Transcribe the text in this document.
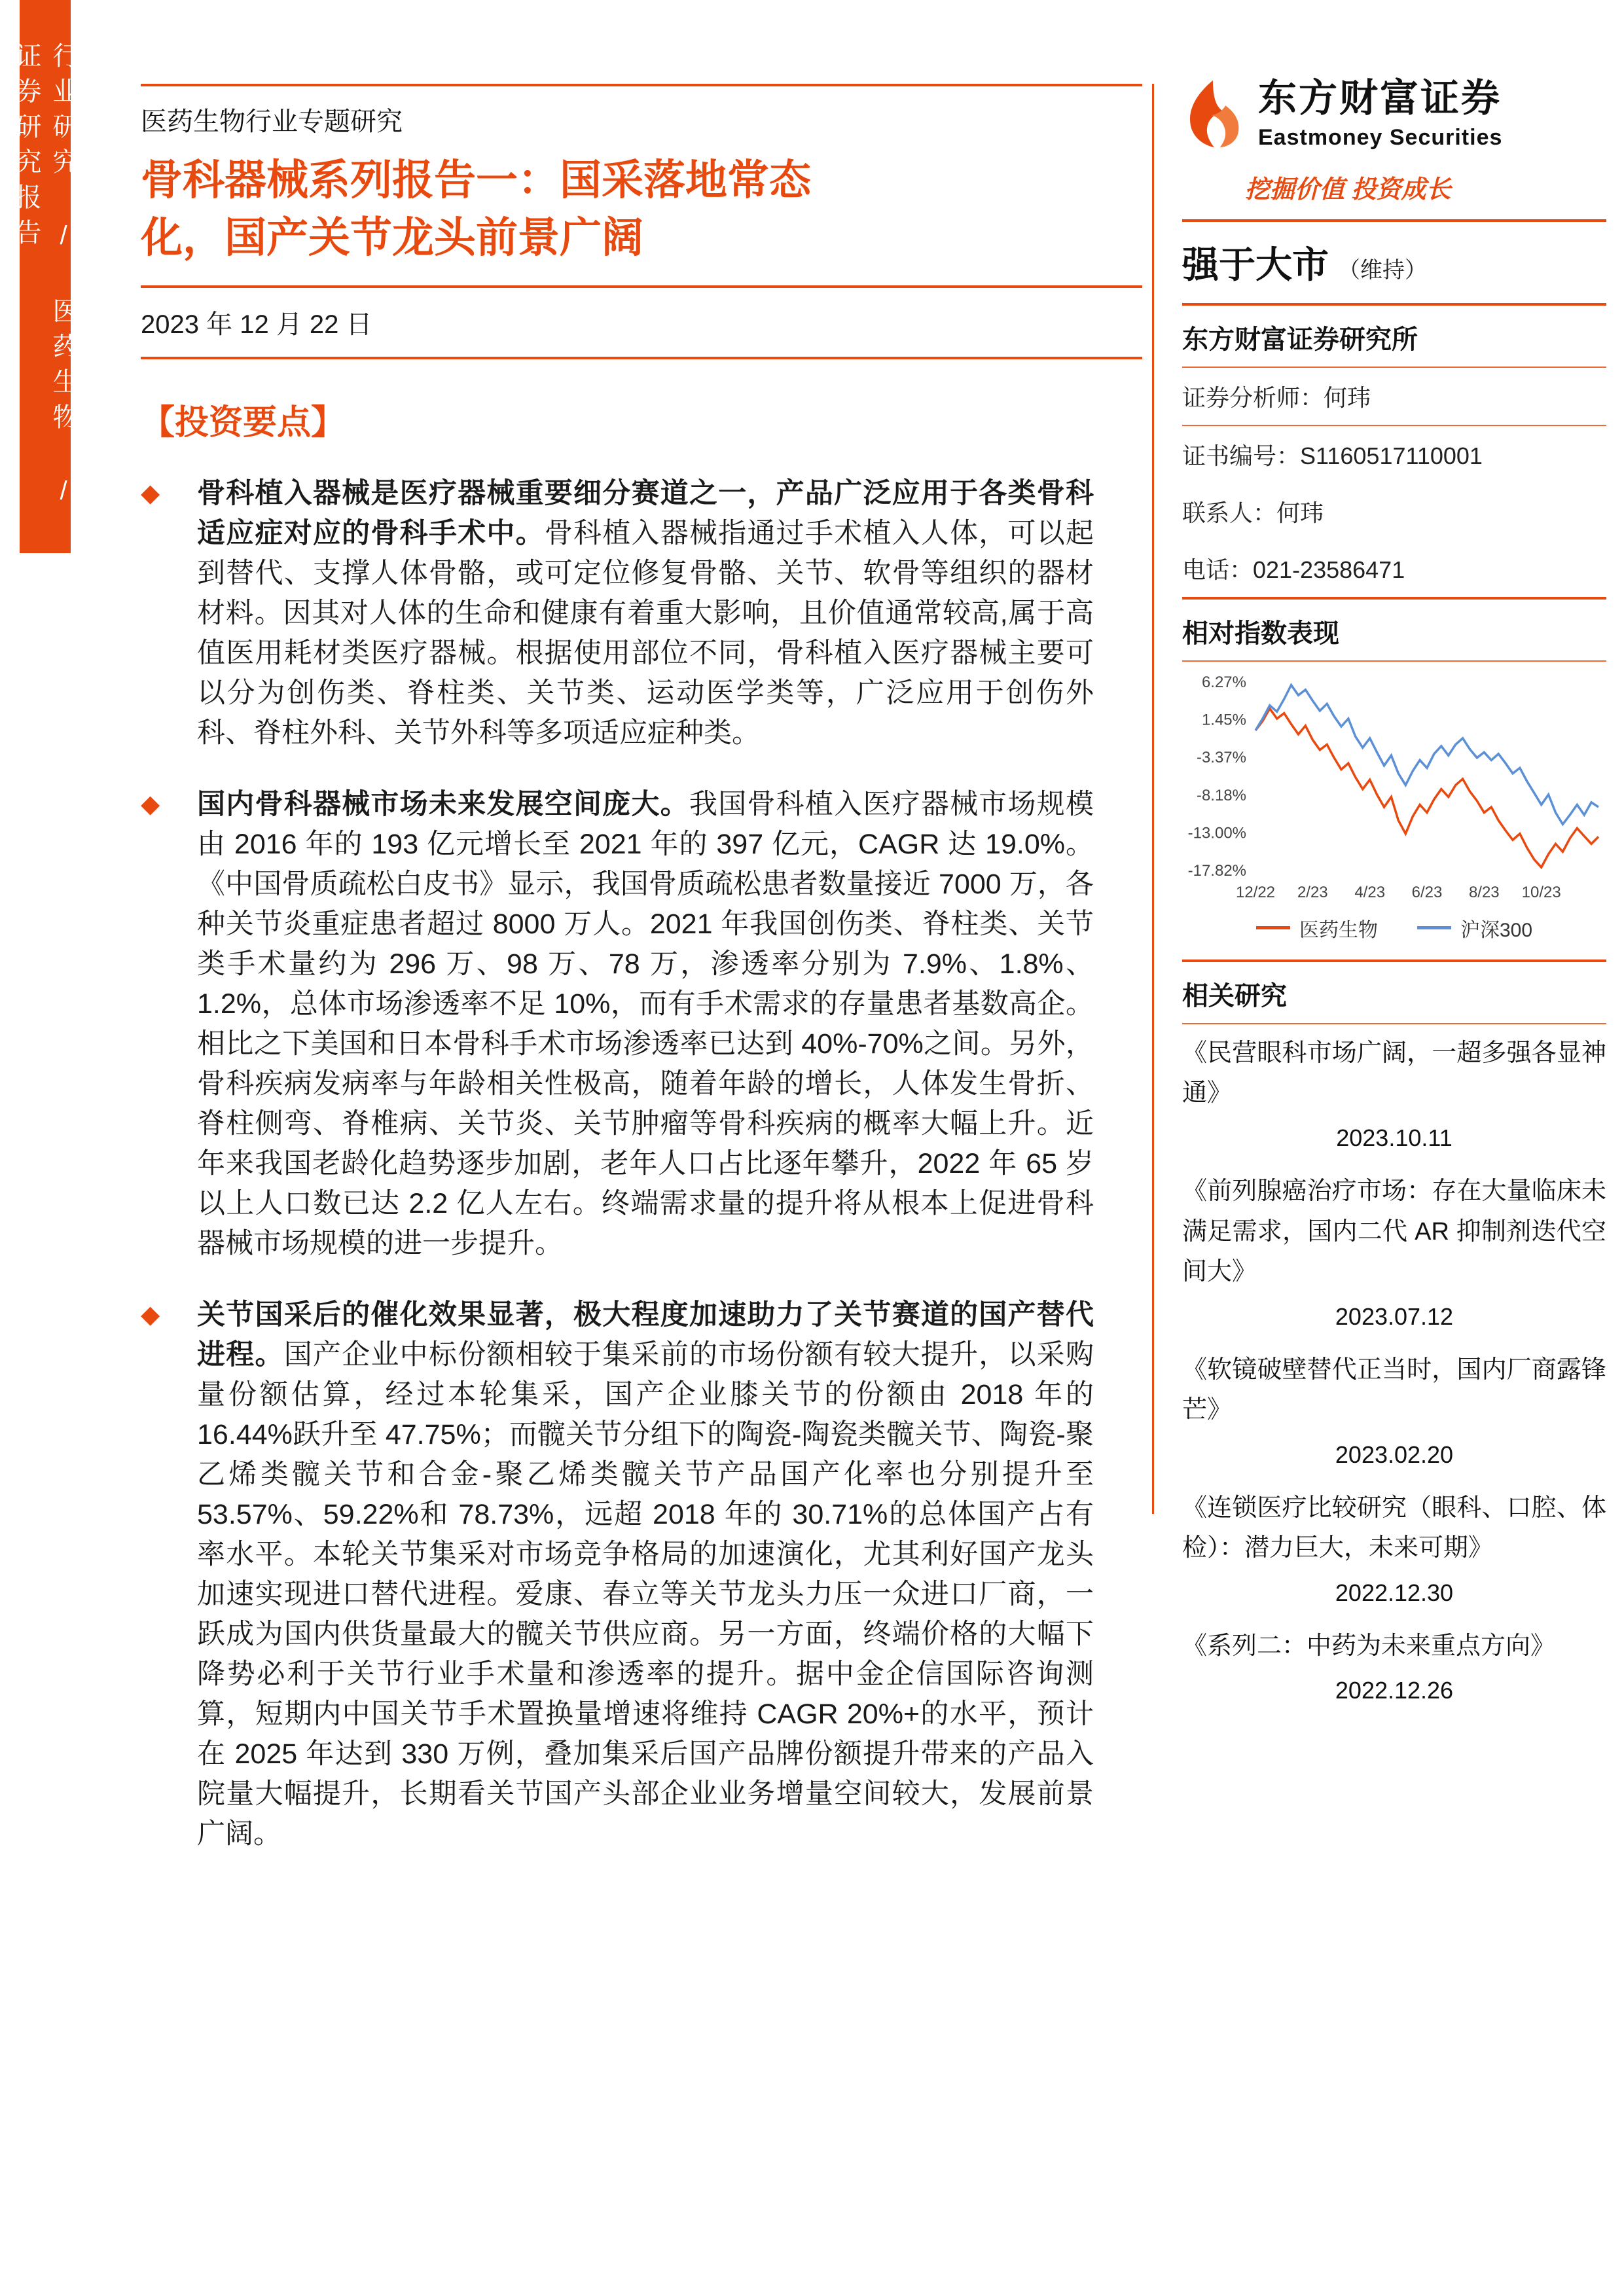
行业研究 / 医药生物 / 证券研究报告	医药生物行业专题研究
骨科器械系列报告一：国采落地常态化，国产关节龙头前景广阔
2023 年 12 月 22 日
【投资要点】
◆	骨科植入器械是医疗器械重要细分赛道之一，产品广泛应用于各类骨科适应症对应的骨科手术中。骨科植入器械指通过手术植入人体，可以起到替代、支撑人体骨骼，或可定位修复骨骼、关节、软骨等组织的器材材料。因其对人体的生命和健康有着重大影响，且价值通常较高,属于高值医用耗材类医疗器械。根据使用部位不同，骨科植入医疗器械主要可以分为创伤类、脊柱类、关节类、运动医学类等，广泛应用于创伤外科、脊柱外科、关节外科等多项适应症种类。

◆	国内骨科器械市场未来发展空间庞大。我国骨科植入医疗器械市场规模由 2016 年的 193 亿元增长至 2021 年的 397 亿元，CAGR 达 19.0%。《中国骨质疏松白皮书》显示，我国骨质疏松患者数量接近 7000 万，各种关节炎重症患者超过 8000 万人。2021 年我国创伤类、脊柱类、关节类手术量约为 296 万、98 万、78 万，渗透率分别为 7.9%、1.8%、1.2%，总体市场渗透率不足 10%，而有手术需求的存量患者基数高企。相比之下美国和日本骨科手术市场渗透率已达到 40%-70%之间。另外，骨科疾病发病率与年龄相关性极高，随着年龄的增长，人体发生骨折、脊柱侧弯、脊椎病、关节炎、关节肿瘤等骨科疾病的概率大幅上升。近年来我国老龄化趋势逐步加剧，老年人口占比逐年攀升，2022 年 65 岁以上人口数已达 2.2 亿人左右。终端需求量的提升将从根本上促进骨科器械市场规模的进一步提升。

◆	关节国采后的催化效果显著，极大程度加速助力了关节赛道的国产替代进程。国产企业中标份额相较于集采前的市场份额有较大提升，以采购量份额估算，经过本轮集采，国产企业膝关节的份额由 2018 年的 16.44%跃升至 47.75%；而髋关节分组下的陶瓷-陶瓷类髋关节、陶瓷-聚乙烯类髋关节和合金-聚乙烯类髋关节产品国产化率也分别提升至 53.57%、59.22%和 78.73%，远超 2018 年的 30.71%的总体国产占有率水平。本轮关节集采对市场竞争格局的加速演化，尤其利好国产龙头加速实现进口替代进程。爱康、春立等关节龙头力压一众进口厂商，一跃成为国内供货量最大的髋关节供应商。另一方面，终端价格的大幅下降势必利于关节行业手术量和渗透率的提升。据中金企信国际咨询测算，短期内中国关节手术置换量增速将维持 CAGR 20%+的水平，预计在 2025 年达到 330 万例，叠加集采后国产品牌份额提升带来的产品入院量大幅提升，长期看关节国产头部企业业务增量空间较大，发展前景广阔。

东方财富证券
Eastmoney Securities
挖掘价值 投资成长
强于大市 （维持）
东方财富证券研究所
证券分析师：何玮
证书编号：S1160517110001
联系人：何玮
电话：021-23586471
相对指数表现
6.27%
1.45%
-3.37%
-8.18%
-13.00%
-17.82%
12/22 2/23 4/23 6/23 8/23 10/23
医药生物	沪深300
相关研究

《民营眼科市场广阔，一超多强各显神通》

2023.10.11

《前列腺癌治疗市场：存在大量临床未满足需求，国内二代 AR 抑制剂迭代空间大》

2023.07.12

《软镜破壁替代正当时，国内厂商露锋芒》

2023.02.20

《连锁医疗比较研究（眼科、口腔、体检）：潜力巨大，未来可期》

2022.12.30

《系列二：中药为未来重点方向》

2022.12.26
